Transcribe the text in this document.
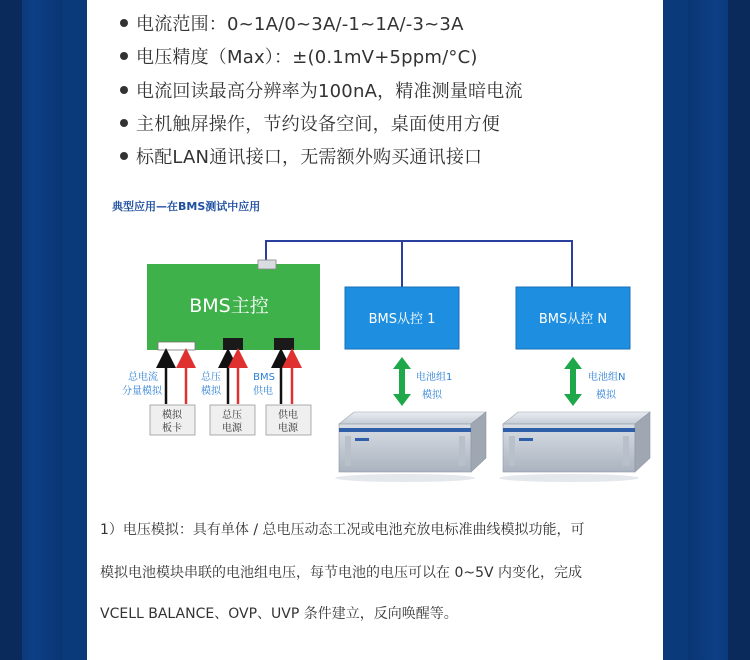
电流范围：0~1A/0~3A/-1~1A/-3~3A
电压精度（Max）：±(0.1mV+5ppm/°C)
电流回读最高分辨率为100nA，精准测量暗电流
主机触屏操作，节约设备空间，桌面使用方便
标配LAN通讯接口，无需额外购买通讯接口
典型应用—在BMS测试中应用
BMS主控
BMS从控 1	BMS从控 N
总电流
分量模拟
总压
模拟
BMS
供电
模拟
板卡
总压
电源
供电
电源
电池组1
模拟
电池组N
模拟
1）电压模拟：具有单体 / 总电压动态工况或电池充放电标准曲线模拟功能，可
模拟电池模块串联的电池组电压，每节电池的电压可以在 0~5V 内变化，完成
VCELL BALANCE、OVP、UVP 条件建立，反向唤醒等。
